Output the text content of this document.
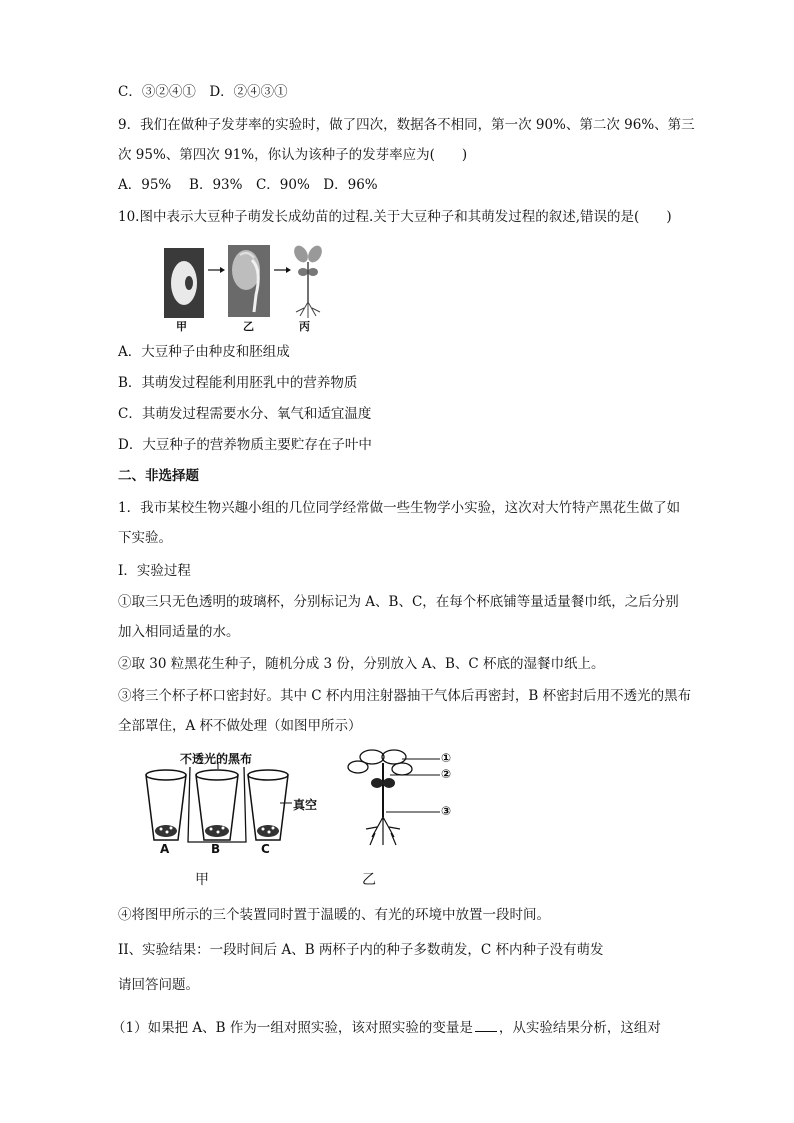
C．③②④①　D．②④③①
9．我们在做种子发芽率的实验时，做了四次，数据各不相同，第一次 90%、第二次 96%、第三
次 95%、第四次 91%，你认为该种子的发芽率应为(　　)
A．95%　 B．93%　C．90%　D．96%
10.图中表示大豆种子萌发长成幼苗的过程.关于大豆种子和其萌发过程的叙述,错误的是(　　)
甲	乙	丙
A．大豆种子由种皮和胚组成
B．其萌发过程能利用胚乳中的营养物质
C．其萌发过程需要水分、氧气和适宜温度
D．大豆种子的营养物质主要贮存在子叶中
二、非选择题
1．我市某校生物兴趣小组的几位同学经常做一些生物学小实验，这次对大竹特产黑花生做了如
下实验。
I．实验过程
①取三只无色透明的玻璃杯，分别标记为 A、B、C，在每个杯底铺等量适量餐巾纸，之后分别
加入相同适量的水。
②取 30 粒黑花生种子，随机分成 3 份，分别放入 A、B、C 杯底的湿餐巾纸上。
③将三个杯子杯口密封好。其中 C 杯内用注射器抽干气体后再密封，B 杯密封后用不透光的黑布
全部罩住，A 杯不做处理（如图甲所示）
不透光的黑布
真空
A	B	C
①
②
③
甲	乙
④将图甲所示的三个装置同时置于温暖的、有光的环境中放置一段时间。
II、实验结果：一段时间后 A、B 两杯子内的种子多数萌发，C 杯内种子没有萌发
请回答问题。
（1）如果把 A、B 作为一组对照实验，该对照实验的变量是 ，从实验结果分析，这组对
